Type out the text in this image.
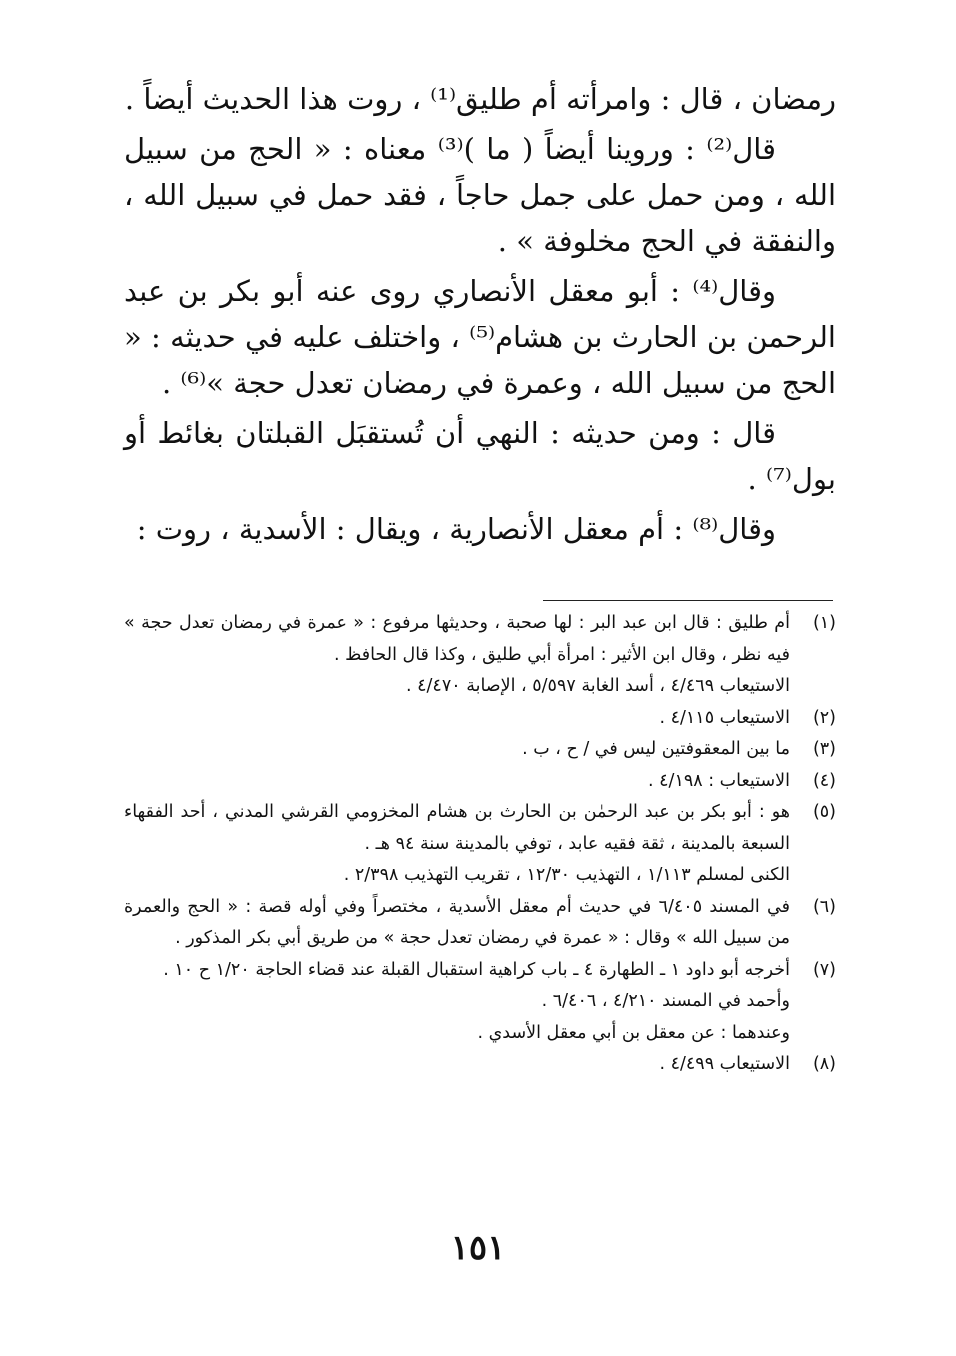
رمضان ، قال : وامرأته أم طليق⁽¹⁾ ، روت هذا الحديث أيضاً .

قال⁽²⁾ : وروينا أيضاً ( ما )⁽³⁾ معناه : « الحج من سبيل الله ، ومن حمل على جمل حاجاً ، فقد حمل في سبيل الله ، والنفقة في الحج مخلوفة » .

وقال⁽⁴⁾ : أبو معقل الأنصاري روى عنه أبو بكر بن عبد الرحمن بن الحارث بن هشام⁽⁵⁾ ، واختلف عليه في حديثه : « الحج من سبيل الله ، وعمرة في رمضان تعدل حجة »⁽⁶⁾ .

قال : ومن حديثه : النهي أن تُستقبَل القبلتان بغائط أو بول⁽⁷⁾ .

وقال⁽⁸⁾ : أم معقل الأنصارية ، ويقال : الأسدية ، روت :

(١)
أم طليق : قال ابن عبد البر : لها صحبة ، وحديثها مرفوع : « عمرة في رمضان تعدل حجة » فيه نظر ، وقال ابن الأثير : امرأة أبي طليق ، وكذا قال الحافظ .
الاستيعاب ٤/٤٦٩ ، أسد الغابة ٥/٥٩٧ ، الإصابة ٤/٤٧٠ .
(٢)
الاستيعاب ٤/١١٥ .
(٣)
ما بين المعقوفتين ليس في / ح ، ب .
(٤)
الاستيعاب : ٤/١٩٨ .
(٥)
هو : أبو بكر بن عبد الرحمٰن بن الحارث بن هشام المخزومي القرشي المدني ، أحد الفقهاء السبعة بالمدينة ، ثقة فقيه عابد ، توفي بالمدينة سنة ٩٤ هـ .
الكنى لمسلم ١/١١٣ ، التهذيب ١٢/٣٠ ، تقريب التهذيب ٢/٣٩٨ .
(٦)
في المسند ٦/٤٠٥ في حديث أم معقل الأسدية ، مختصراً وفي أوله قصة : « الحج والعمرة من سبيل الله » وقال : « عمرة في رمضان تعدل حجة » من طريق أبي بكر المذكور .
(٧)
أخرجه أبو داود ١ ـ الطهارة ٤ ـ باب كراهية استقبال القبلة عند قضاء الحاجة ١/٢٠ ح ١٠ .
وأحمد في المسند ٤/٢١٠ ، ٦/٤٠٦ .
وعندهما : عن معقل بن أبي معقل الأسدي .
(٨)
الاستيعاب ٤/٤٩٩ .
١٥١
